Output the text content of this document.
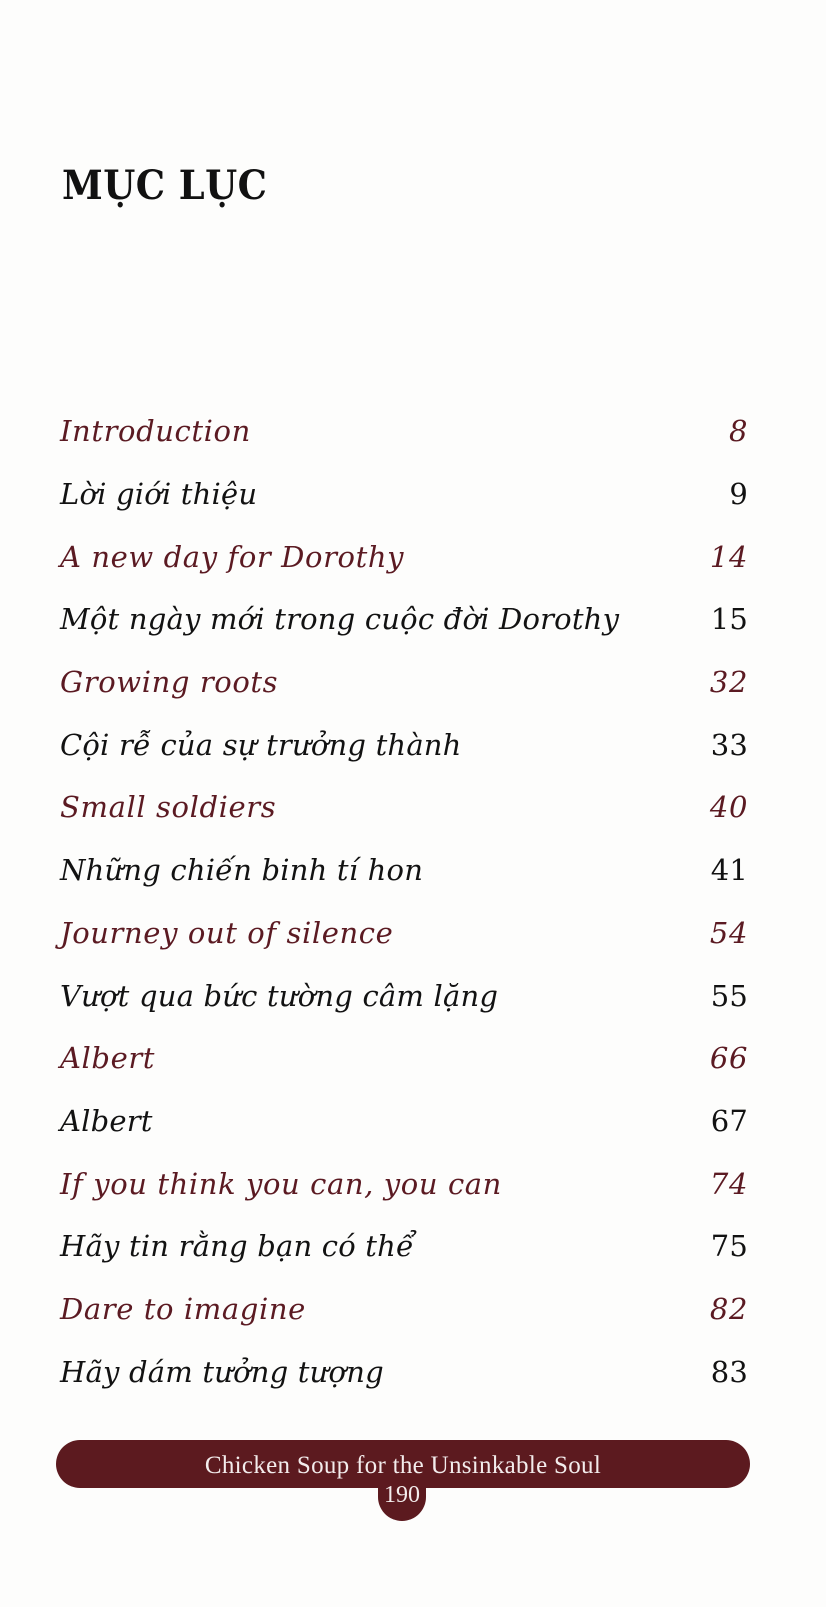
MỤC LỤC
Introduction	8
Lời giới thiệu	9
A new day for Dorothy	14
Một ngày mới trong cuộc đời Dorothy	15
Growing roots	32
Cội rễ của sự trưởng thành	33
Small soldiers	40
Những chiến binh tí hon	41
Journey out of silence	54
Vượt qua bức tường câm lặng	55
Albert	66
Albert	67
If you think you can, you can	74
Hãy tin rằng bạn có thể	75
Dare to imagine	82
Hãy dám tưởng tượng	83
Chicken Soup for the Unsinkable Soul
190
